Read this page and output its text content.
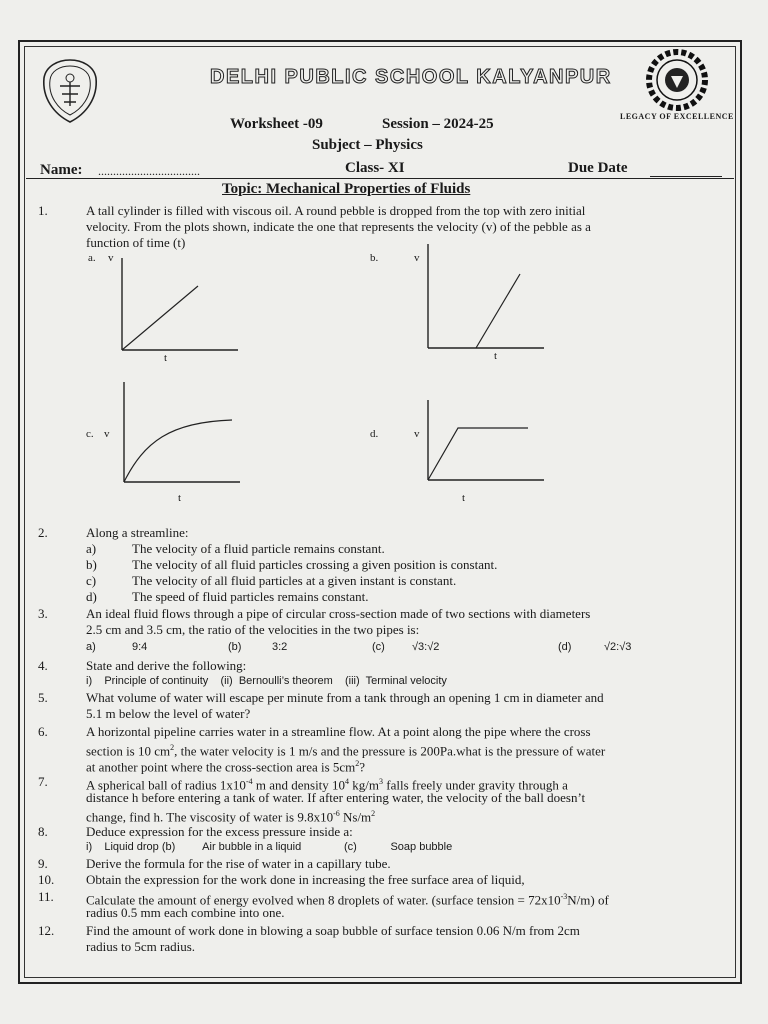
DELHI PUBLIC SCHOOL KALYANPUR
LEGACY OF EXCELLENCE
Worksheet -09	Session – 2024-25
Subject – Physics
Name: ..................................	Class- XI	Due Date
Topic: Mechanical Properties of Fluids
1.	A tall cylinder is filled with viscous oil. A round pebble is dropped from the top with zero initial
velocity. From the plots shown, indicate the one that represents the velocity (v) of the pebble as a
function of time (t)
a. v
t
b.	v
t
c. v
t
d.	v
t
2.	Along a streamline:
a)	The velocity of a fluid particle remains constant.
b)	The velocity of all fluid particles crossing a given position is constant.
c)	The velocity of all fluid particles at a given instant is constant.
d)	The speed of fluid particles remains constant.
3.	An ideal fluid flows through a pipe of circular cross-section made of two sections with diameters
2.5 cm and 3.5 cm, the ratio of the velocities in the two pipes is:
a)	9:4	(b)	3:2	(c) √3:√2	(d)	√2:√3
4.	State and derive the following:
i)    Principle of continuity    (ii)  Bernoulli’s theorem    (iii)  Terminal velocity
5.	What volume of water will escape per minute from a tank through an opening 1 cm in diameter and
5.1 m below the level of water?
6.	A horizontal pipeline carries water in a streamline flow. At a point along the pipe where the cross
section is 10 $cm^2$, the water velocity is 1 m/s and the pressure is 200Pa.what is the pressure of water
at another point where the cross-section area is $5cm^2$?
7.	A spherical ball of radius $1x10^{-4}$ m and density $10^4$ $kg/m^3$ falls freely under gravity through a
distance h before entering a tank of water. If after entering water, the velocity of the ball doesn’t
change, find h. The viscosity of water is $9.8x10^{-6}$ $Ns/m^2$
8.	Deduce expression for the excess pressure inside a:
i)    Liquid drop (b)         Air bubble in a liquid              (c)           Soap bubble
9.	Derive the formula for the rise of water in a capillary tube.
10. Obtain the expression for the work done in increasing the free surface area of liquid,
11. Calculate the amount of energy evolved when 8 droplets of water. (surface tension = $72x10^{-3}N/m$) of
radius 0.5 mm each combine into one.
12. Find the amount of work done in blowing a soap bubble of surface tension 0.06 N/m from 2cm
radius to 5cm radius.
